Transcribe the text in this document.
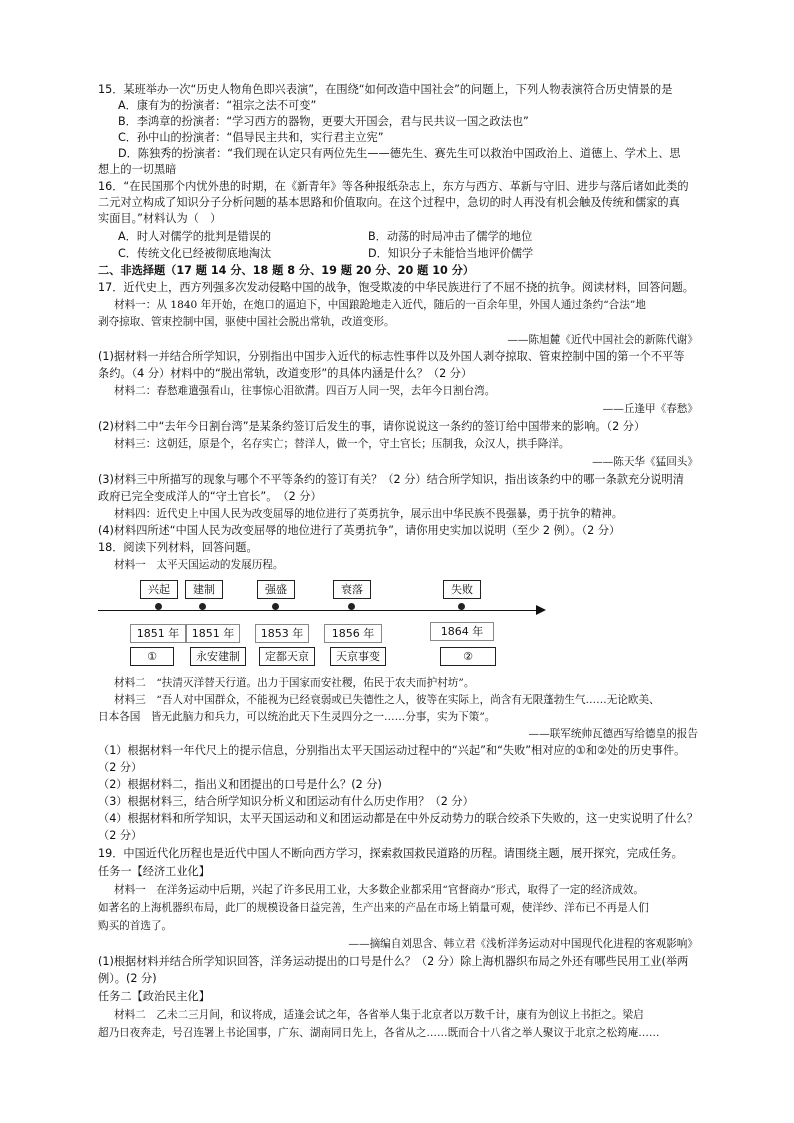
15．某班举办一次“历史人物角色即兴表演”，在围绕“如何改造中国社会”的问题上，下列人物表演符合历史情景的是
A．康有为的扮演者：“祖宗之法不可变”
B．李鸿章的扮演者：“学习西方的器物，更要大开国会，君与民共议一国之政法也”
C．孙中山的扮演者：“倡导民主共和，实行君主立宪”
D．陈独秀的扮演者：“我们现在认定只有两位先生——德先生、赛先生可以救治中国政治上、道德上、学术上、思
想上的一切黑暗
16．“在民国那个内忧外患的时期，在《新青年》等各种报纸杂志上，东方与西方、革新与守旧、进步与落后诸如此类的
二元对立构成了知识分子分析问题的基本思路和价值取向。在这个过程中，急切的时人再没有机会触及传统和儒家的真
实面目。”材料认为（　）
A．时人对儒学的批判是错误的	B．动荡的时局冲击了儒学的地位
C．传统文化已经被彻底地淘汰	D．知识分子未能恰当地评价儒学
二、非选择题（17 题 14 分、18 题 8 分、19 题 20 分、20 题 10 分）
17．近代史上，西方列强多次发动侵略中国的战争，饱受欺凌的中华民族进行了不屈不挠的抗争。阅读材料，回答问题。
材料一：从 1840 年开始，在炮口的逼迫下，中国踉跄地走入近代，随后的一百余年里，外国人通过条约“合法”地
剥夺掠取、管束控制中国，驱使中国社会脱出常轨，改道变形。
——陈旭麓《近代中国社会的新陈代谢》
(1)据材料一并结合所学知识，分别指出中国步入近代的标志性事件以及外国人剥夺掠取、管束控制中国的第一个不平等
条约。（4 分）材料中的“脱出常轨，改道变形”的具体内涵是什么？（2 分）
材料二：春愁难遣强看山，往事惊心泪欲潸。四百万人同一哭，去年今日割台湾。
——丘逢甲《春愁》
(2)材料二中“去年今日割台湾”是某条约签订后发生的事，请你说说这一条约的签订给中国带来的影响。（2 分）
材料三：这朝廷，原是个，名存实亡；替洋人，做一个，守土官长；压制我，众汉人，拱手降洋。
——陈天华《猛回头》
(3)材料三中所描写的现象与哪个不平等条约的签订有关？（2 分）结合所学知识，指出该条约中的哪一条款充分说明清
政府已完全变成洋人的“守土官长”。　（2 分）
材料四：近代史上中国人民为改变屈辱的地位进行了英勇抗争，展示出中华民族不畏强暴，勇于抗争的精神。
(4)材料四所述“中国人民为改变屈辱的地位进行了英勇抗争”，请你用史实加以说明（至少 2 例）。（2 分）
18．阅读下列材料，回答问题。
材料一　太平天国运动的发展历程。
兴起	建制	强盛	衰落	失败
1851 年	1851 年	1853 年	1856 年	1864 年
①	永安建制	定都天京	天京事变	②
材料二　“扶清灭洋替天行道。出力于国家而安社稷，佑民于农夫而护村坊”。
材料三　“吾人对中国群众，不能视为已经衰弱或已失德性之人，彼等在实际上，尚含有无限蓬勃生气……无论欧美、
日本各国　皆无此脑力和兵力，可以统治此天下生灵四分之一……分事，实为下策”。
——联军统帅瓦德西写给德皇的报告
（1）根据材料一年代尺上的提示信息，分别指出太平天国运动过程中的“兴起”和“失败”相对应的①和②处的历史事件。
（2 分）
（2）根据材料二，指出义和团提出的口号是什么？(2 分)
（3）根据材料三，结合所学知识分析义和团运动有什么历史作用？（2 分）
（4）根据材料和所学知识，太平天国运动和义和团运动都是在中外反动势力的联合绞杀下失败的，这一史实说明了什么？
（2 分）
19．中国近代化历程也是近代中国人不断向西方学习，探索救国救民道路的历程。请围绕主题，展开探究，完成任务。
任务一【经济工业化】
材料一　在洋务运动中后期，兴起了许多民用工业，大多数企业都采用“官督商办”形式，取得了一定的经济成效。
如著名的上海机器织布局，此厂的规模设备日益完善，生产出来的产品在市场上销量可观，使洋纱、洋布已不再是人们
购买的首选了。
——摘编自刘思含、韩立君《浅析洋务运动对中国现代化进程的客观影响》
(1)根据材料并结合所学知识回答，洋务运动提出的口号是什么？（2 分）除上海机器织布局之外还有哪些民用工业(举两
例）。(2 分)
任务二【政治民主化】
材料二　乙未二三月间，和议将成，适逢会试之年，各省举人集于北京者以万数千计，康有为创议上书拒之。梁启
超乃日夜奔走，号召连署上书论国事，广东、湖南同日先上，各省从之……既而合十八省之举人聚议于北京之松筠庵……
